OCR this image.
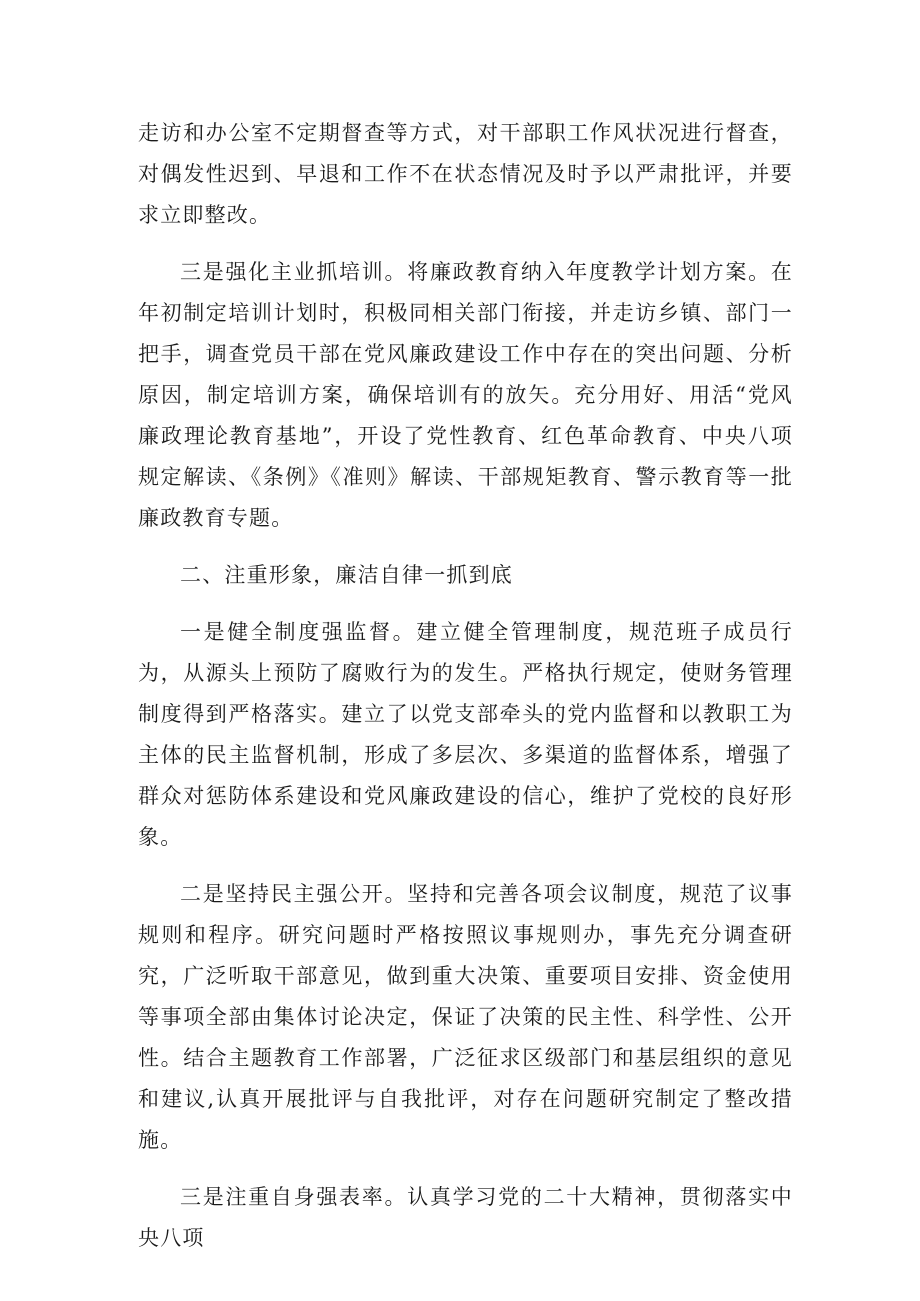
走访和办公室不定期督查等方式，对干部职工作风状况进行督查，对偶发性迟到、早退和工作不在状态情况及时予以严肃批评，并要求立即整改。

三是强化主业抓培训。将廉政教育纳入年度教学计划方案。在年初制定培训计划时，积极同相关部门衔接，并走访乡镇、部门一把手，调查党员干部在党风廉政建设工作中存在的突出问题、分析原因，制定培训方案，确保培训有的放矢。充分用好、用活“党风廉政理论教育基地”，开设了党性教育、红色革命教育、中央八项规定解读、《条例》《准则》解读、干部规矩教育、警示教育等一批廉政教育专题。

二、注重形象，廉洁自律一抓到底

一是健全制度强监督。建立健全管理制度，规范班子成员行为，从源头上预防了腐败行为的发生。严格执行规定，使财务管理制度得到严格落实。建立了以党支部牵头的党内监督和以教职工为主体的民主监督机制，形成了多层次、多渠道的监督体系，增强了群众对惩防体系建设和党风廉政建设的信心，维护了党校的良好形象。

二是坚持民主强公开。坚持和完善各项会议制度，规范了议事规则和程序。研究问题时严格按照议事规则办，事先充分调查研究，广泛听取干部意见，做到重大决策、重要项目安排、资金使用等事项全部由集体讨论决定，保证了决策的民主性、科学性、公开性。结合主题教育工作部署，广泛征求区级部门和基层组织的意见和建议,认真开展批评与自我批评，对存在问题研究制定了整改措施。

三是注重自身强表率。认真学习党的二十大精神，贯彻落实中央八项
